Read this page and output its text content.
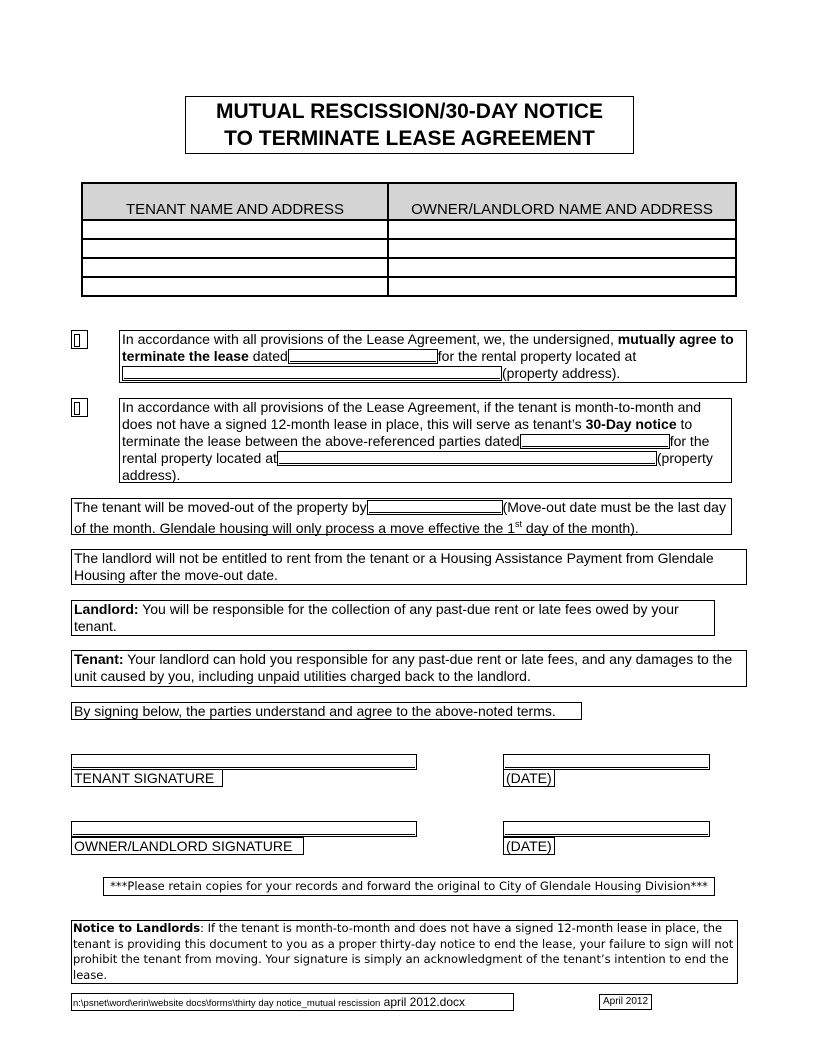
MUTUAL RESCISSION/30-DAY NOTICE
TO TERMINATE LEASE AGREEMENT
TENANT NAME AND ADDRESS	OWNER/LANDLORD NAME AND ADDRESS

In accordance with all provisions of the Lease Agreement, we, the undersigned, mutually agree to terminate the lease dated	for the rental property located at
(property address).
In accordance with all provisions of the Lease Agreement, if the tenant is month-to-month and does not have a signed 12-month lease in place, this will serve as tenant’s 30-Day notice to terminate the lease between the above-referenced parties dated	for the rental property located at	(property address).
The tenant will be moved-out of the property by	(Move-out date must be the last day of the month. Glendale housing will only process a move effective the 1st day of the month).
The landlord will not be entitled to rent from the tenant or a Housing Assistance Payment from Glendale Housing after the move-out date.
Landlord: You will be responsible for the collection of any past-due rent or late fees owed by your tenant.
Tenant: Your landlord can hold you responsible for any past-due rent or late fees, and any damages to the unit caused by you, including unpaid utilities charged back to the landlord.
By signing below, the parties understand and agree to the above-noted terms.
TENANT SIGNATURE	(DATE)
OWNER/LANDLORD SIGNATURE	(DATE)
***Please retain copies for your records and forward the original to City of Glendale Housing Division***
Notice to Landlords: If the tenant is month-to-month and does not have a signed 12-month lease in place, the tenant is providing this document to you as a proper thirty-day notice to end the lease, your failure to sign will not prohibit the tenant from moving. Your signature is simply an acknowledgment of the tenant’s intention to end the lease.
n:\psnet\word\erin\website docs\forms\thirty day notice_mutual rescission april 2012.docx	April 2012
